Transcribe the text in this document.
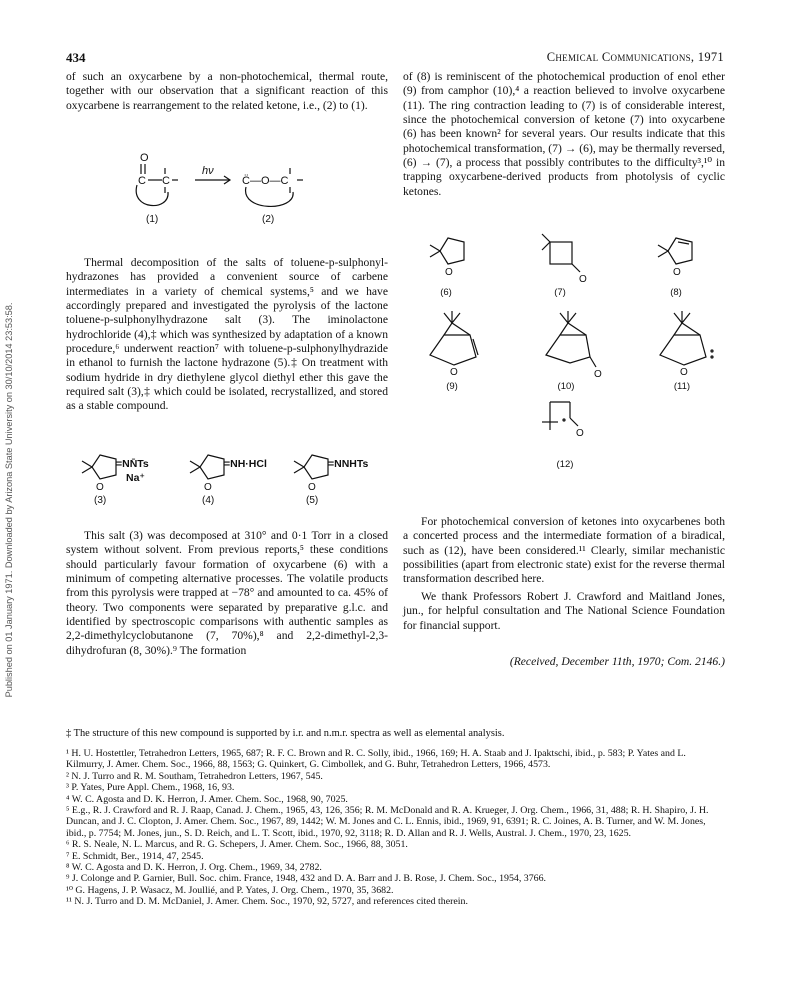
Published on 01 January 1971. Downloaded by Arizona State University on 30/10/2014 23:53:58.
434	Chemical Communications, 1971

of such an oxycarbene by a non-photochemical, thermal route, together with our observation that a significant reaction of this oxycarbene is rearrangement to the related ketone, i.e., (2) to (1).

O
C C
hν
C̈—O—C
(1)	(2)

Thermal decomposition of the salts of toluene-p-sulphonyl-hydrazones has provided a convenient source of carbene intermediates in a variety of chemical systems,⁵ and we have accordingly prepared and investigated the pyrolysis of the lactone toluene-p-sulphonylhydrazone salt (3). The iminolactone hydrochloride (4),‡ which was synthesized by adaptation of a known procedure,⁶ underwent reaction⁷ with toluene-p-sulphonylhydrazide in ethanol to furnish the lactone hydrazone (5).‡ On treatment with sodium hydride in dry diethylene glycol diethyl ether this gave the required salt (3),‡ which could be isolated, recrystallized, and stored as a stable compound.

O
=NN̄Ts
Na⁺
(3)
O
=NH·HCl
(4)
O
=NNHTs
(5)

This salt (3) was decomposed at 310° and 0·1 Torr in a closed system without solvent. From previous reports,⁵ these conditions should particularly favour formation of oxycarbene (6) with a minimum of competing alternative processes. The volatile products from this pyrolysis were trapped at −78° and amounted to ca. 45% of theory. Two components were separated by preparative g.l.c. and identified by spectroscopic comparisons with authentic samples as 2,2-dimethylcyclobutanone (7, 70%),⁸ and 2,2-dimethyl-2,3-dihydrofuran (8, 30%).⁹ The formation

of (8) is reminiscent of the photochemical production of enol ether (9) from camphor (10),⁴ a reaction believed to involve oxycarbene (11). The ring contraction leading to (7) is of considerable interest, since the photochemical conversion of ketone (7) into oxycarbene (6) has been known² for several years. Our results indicate that this photochemical transformation, (7) → (6), may be thermally reversed, (6) → (7), a process that possibly contributes to the difficulty³,¹⁰ in trapping oxycarbene-derived products from photolysis of cyclic ketones.

O
O
O
(6)	(7)	(8)
O	O	O
(9)	(10)	(11)
O
(12)

For photochemical conversion of ketones into oxycarbenes both a concerted process and the intermediate formation of a biradical, such as (12), have been considered.¹¹ Clearly, similar mechanistic possibilities (apart from electronic state) exist for the reverse thermal transformation described here.

We thank Professors Robert J. Crawford and Maitland Jones, jun., for helpful consultation and The National Science Foundation for financial support.

(Received, December 11th, 1970; Com. 2146.)
‡ The structure of this new compound is supported by i.r. and n.m.r. spectra as well as elemental analysis.
¹ H. U. Hostettler, Tetrahedron Letters, 1965, 687; R. F. C. Brown and R. C. Solly, ibid., 1966, 169; H. A. Staab and J. Ipaktschi, ibid., p. 583; P. Yates and L. Kilmurry, J. Amer. Chem. Soc., 1966, 88, 1563; G. Quinkert, G. Cimbollek, and G. Buhr, Tetrahedron Letters, 1966, 4573.
² N. J. Turro and R. M. Southam, Tetrahedron Letters, 1967, 545.
³ P. Yates, Pure Appl. Chem., 1968, 16, 93.
⁴ W. C. Agosta and D. K. Herron, J. Amer. Chem. Soc., 1968, 90, 7025.
⁵ E.g., R. J. Crawford and R. J. Raap, Canad. J. Chem., 1965, 43, 126, 356; R. M. McDonald and R. A. Krueger, J. Org. Chem., 1966, 31, 488; R. H. Shapiro, J. H. Duncan, and J. C. Clopton, J. Amer. Chem. Soc., 1967, 89, 1442; W. M. Jones and C. L. Ennis, ibid., 1969, 91, 6391; R. C. Joines, A. B. Turner, and W. M. Jones, ibid., p. 7754; M. Jones, jun., S. D. Reich, and L. T. Scott, ibid., 1970, 92, 3118; R. D. Allan and R. J. Wells, Austral. J. Chem., 1970, 23, 1625.
⁶ R. S. Neale, N. L. Marcus, and R. G. Schepers, J. Amer. Chem. Soc., 1966, 88, 3051.
⁷ E. Schmidt, Ber., 1914, 47, 2545.
⁸ W. C. Agosta and D. K. Herron, J. Org. Chem., 1969, 34, 2782.
⁹ J. Colonge and P. Garnier, Bull. Soc. chim. France, 1948, 432 and D. A. Barr and J. B. Rose, J. Chem. Soc., 1954, 3766.
¹⁰ G. Hagens, J. P. Wasacz, M. Joullié, and P. Yates, J. Org. Chem., 1970, 35, 3682.
¹¹ N. J. Turro and D. M. McDaniel, J. Amer. Chem. Soc., 1970, 92, 5727, and references cited therein.
